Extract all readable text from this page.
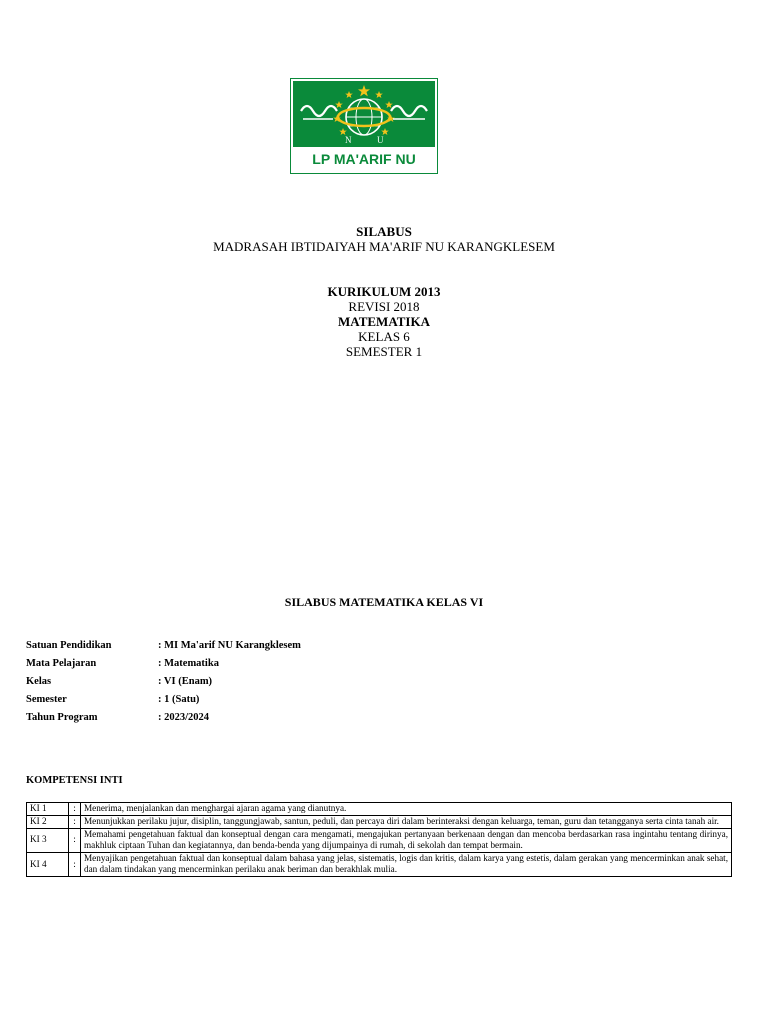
N	U
LP MA'ARIF NU
SILABUS
MADRASAH IBTIDAIYAH MA'ARIF NU KARANGKLESEM
KURIKULUM 2013
REVISI 2018
MATEMATIKA
KELAS 6
SEMESTER 1
SILABUS MATEMATIKA KELAS VI
Satuan Pendidikan	: MI Ma'arif NU Karangklesem
Mata Pelajaran	: Matematika
Kelas	: VI (Enam)
Semester	: 1 (Satu)
Tahun Program	: 2023/2024
KOMPETENSI INTI
KI 1	:	Menerima, menjalankan dan menghargai ajaran agama yang dianutnya.
KI 2	:	Menunjukkan perilaku jujur, disiplin, tanggungjawab, santun, peduli, dan percaya diri dalam berinteraksi dengan keluarga, teman, guru dan tetangganya serta cinta tanah air.
KI 3	:	Memahami pengetahuan faktual dan konseptual dengan cara mengamati, mengajukan pertanyaan berkenaan dengan dan mencoba berdasarkan rasa ingintahu tentang dirinya, makhluk ciptaan Tuhan dan kegiatannya, dan benda-benda yang dijumpainya di rumah, di sekolah dan tempat bermain.
KI 4	:	Menyajikan pengetahuan faktual dan konseptual dalam bahasa yang jelas, sistematis, logis dan kritis, dalam karya yang estetis, dalam gerakan yang mencerminkan anak sehat, dan dalam tindakan yang mencerminkan perilaku anak beriman dan berakhlak mulia.
